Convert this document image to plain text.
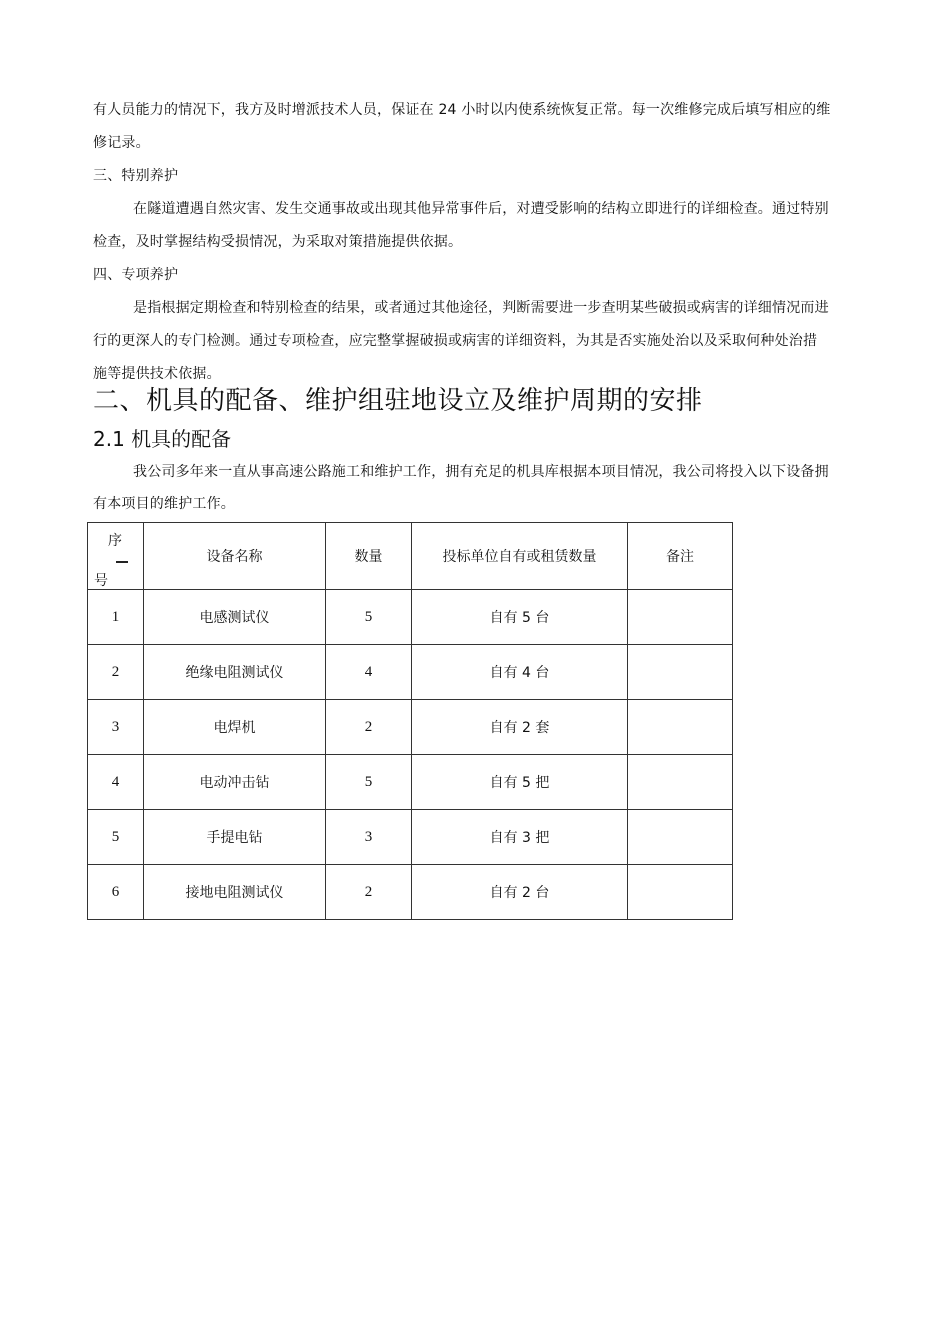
有人员能力的情况下，我方及时增派技术人员，保证在 24 小时以内使系统恢复正常。每一次维修完成后填写相应的维
修记录。
三、特别养护
在隧道遭遇自然灾害、发生交通事故或出现其他异常事件后，对遭受影响的结构立即进行的详细检查。通过特别
检查，及时掌握结构受损情况，为采取对策措施提供依据。
四、专项养护
是指根据定期检查和特别检查的结果，或者通过其他途径，判断需要进一步查明某些破损或病害的详细情况而进
行的更深人的专门检测。通过专项检查，应完整掌握破损或病害的详细资料，为其是否实施处治以及采取何种处治措
施等提供技术依据。
二、机具的配备、维护组驻地设立及维护周期的安排
2.1 机具的配备
我公司多年来一直从事高速公路施工和维护工作，拥有充足的机具库根据本项目情况，我公司将投入以下设备拥
有本项目的维护工作。
序
号	设备名称	数量	投标单位自有或租赁数量	备注
1	电感测试仪	5	自有 5 台	
2	绝缘电阻测试仪	4	自有 4 台	
3	电焊机	2	自有 2 套	
4	电动冲击钻	5	自有 5 把	
5	手提电钻	3	自有 3 把	
6	接地电阻测试仪	2	自有 2 台	
